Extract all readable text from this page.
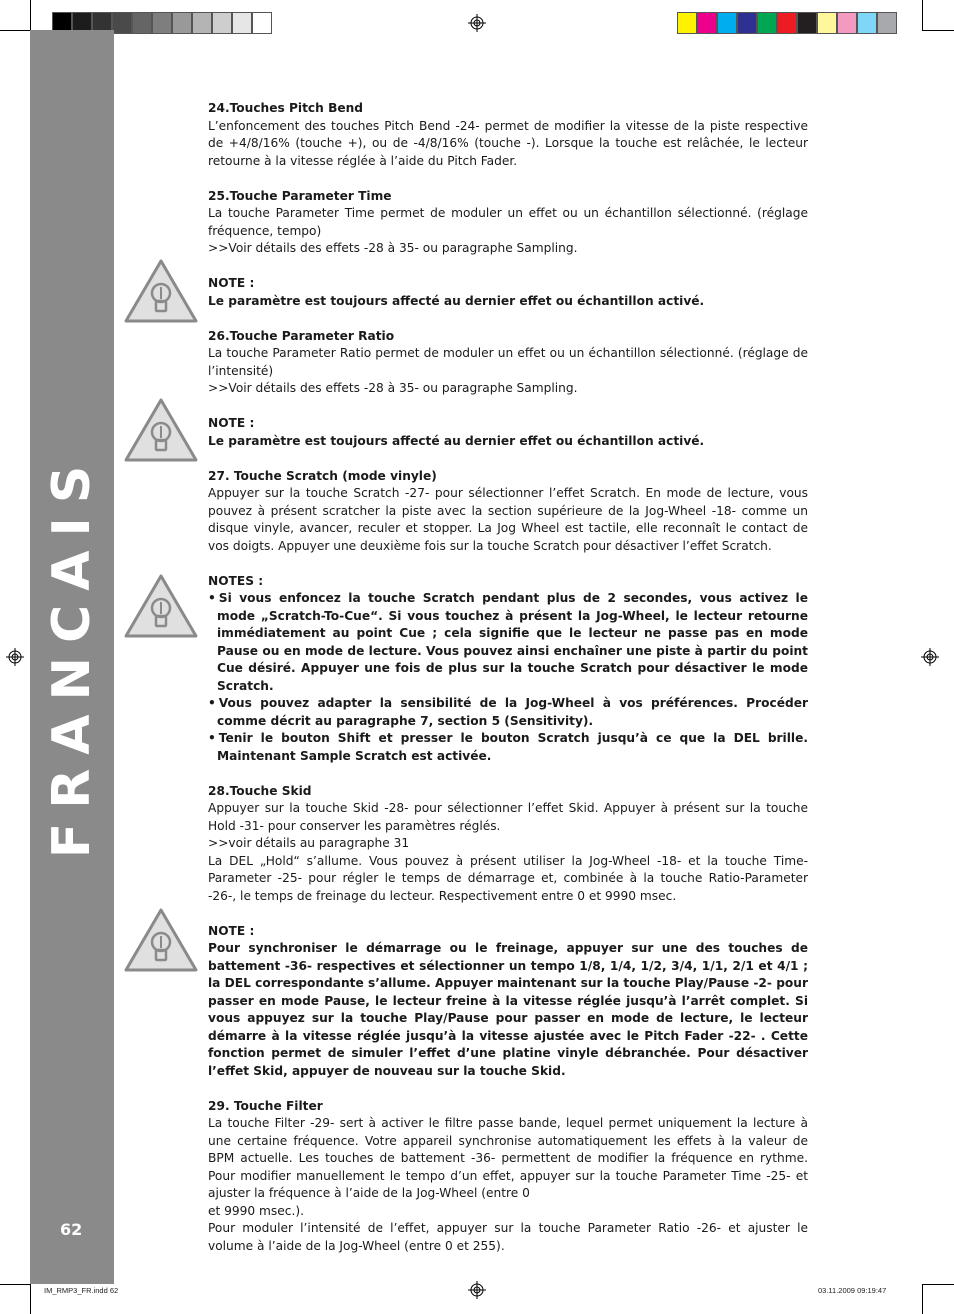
FRANCAIS
62

24.Touches Pitch Bend

L’enfoncement des touches Pitch Bend -24- permet de modifier la vitesse de la piste respective de +4/8/16% (touche +), ou de -4/8/16% (touche -). Lorsque la touche est relâchée, le lecteur retourne à la vitesse réglée à l’aide du Pitch Fader.

25.Touche Parameter Time

La touche Parameter Time permet de moduler un effet ou un échantillon sélectionné. (réglage fréquence, tempo)

>>Voir détails des effets -28 à 35- ou paragraphe Sampling.

NOTE :

Le paramètre est toujours affecté au dernier effet ou échantillon activé.

26.Touche Parameter Ratio

La touche Parameter Ratio permet de moduler un effet ou un échantillon sélectionné. (réglage de l’intensité)

>>Voir détails des effets -28 à 35- ou paragraphe Sampling.

NOTE :

Le paramètre est toujours affecté au dernier effet ou échantillon activé.

27. Touche Scratch (mode vinyle)

Appuyer sur la touche Scratch -27- pour sélectionner l’effet Scratch. En mode de lecture, vous pouvez à présent scratcher la piste avec la section supérieure de la Jog-Wheel -18- comme un disque vinyle, avancer, reculer et stopper. La Jog Wheel est tactile, elle reconnaît le contact de vos doigts. Appuyer une deuxième fois sur la touche Scratch pour désactiver l’effet Scratch.

NOTES :

• Si vous enfoncez la touche Scratch pendant plus de 2 secondes, vous activez le mode „Scratch-To-Cue“. Si vous touchez à présent la Jog-Wheel, le lecteur retourne immédiatement au point Cue ; cela signifie que le lecteur ne passe pas en mode Pause ou en mode de lecture. Vous pouvez ainsi enchaîner une piste à partir du point Cue désiré. Appuyer une fois de plus sur la touche Scratch pour désactiver le mode Scratch.
• Vous pouvez adapter la sensibilité de la Jog-Wheel à vos préférences. Procéder comme décrit au paragraphe 7, section 5 (Sensitivity).
• Tenir le bouton Shift et presser le bouton Scratch jusqu’à ce que la DEL brille. Maintenant Sample Scratch est activée.

28.Touche Skid

Appuyer sur la touche Skid -28- pour sélectionner l’effet Skid. Appuyer à présent sur la touche Hold -31- pour conserver les paramètres réglés.

>>voir détails au paragraphe 31

La DEL „Hold“ s’allume. Vous pouvez à présent utiliser la Jog-Wheel -18- et la touche Time-Parameter -25- pour régler le temps de démarrage et, combinée à la touche Ratio-Parameter -26-, le temps de freinage du lecteur. Respectivement entre 0 et 9990 msec.

NOTE :

Pour synchroniser le démarrage ou le freinage, appuyer sur une des touches de battement -36- respectives et sélectionner un tempo 1/8, 1/4, 1/2, 3/4, 1/1, 2/1 et 4/1 ; la DEL correspondante s’allume. Appuyer maintenant sur la touche Play/Pause -2- pour passer en mode Pause, le lecteur freine à la vitesse réglée jusqu’à l’arrêt complet. Si vous appuyez sur la touche Play/Pause pour passer en mode de lecture, le lecteur démarre à la vitesse réglée jusqu’à la vitesse ajustée avec le Pitch Fader -22- . Cette fonction permet de simuler l’effet d’une platine vinyle débranchée. Pour désactiver l’effet Skid, appuyer de nouveau sur la touche Skid.

29. Touche Filter

La touche Filter -29- sert à activer le filtre passe bande, lequel permet uniquement la lecture à une certaine fréquence. Votre appareil synchronise automatiquement les effets à la valeur de BPM actuelle. Les touches de battement -36- permettent de modifier la fréquence en rythme. Pour modifier manuellement le tempo d’un effet, appuyer sur la touche Parameter Time -25- et ajuster la fréquence à l’aide de la Jog-Wheel (entre 0

et 9990 msec.).

Pour moduler l’intensité de l’effet, appuyer sur la touche Parameter Ratio -26- et ajuster le volume à l’aide de la Jog-Wheel (entre 0 et 255).

IM_RMP3_FR.indd 62	03.11.2009 09:19:47
